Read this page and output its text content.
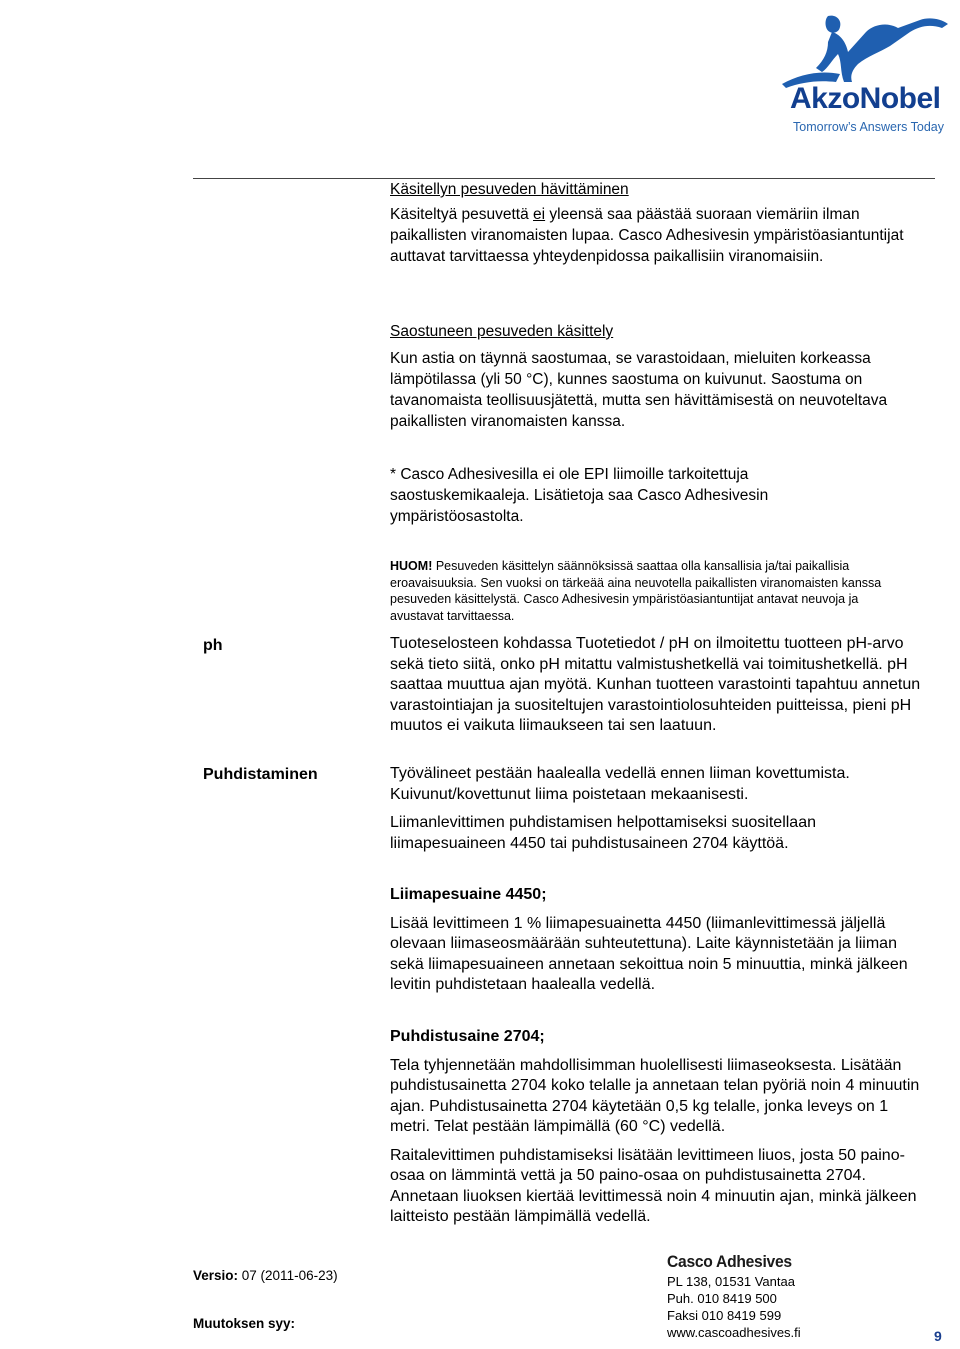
AkzoNobel
Tomorrow’s Answers Today

Käsitellyn pesuveden hävittäminen

Käsiteltyä pesuvettä ei yleensä saa päästää suoraan viemäriin ilman paikallisten viranomaisten lupaa. Casco Adhesivesin ympäristöasiantuntijat auttavat tarvittaessa yhteydenpidossa paikallisiin viranomaisiin.

Saostuneen pesuveden käsittely

Kun astia on täynnä saostumaa, se varastoidaan, mieluiten korkeassa lämpötilassa (yli 50 °C), kunnes saostuma on kuivunut. Saostuma on tavanomaista teollisuusjätettä, mutta sen hävittämisestä on neuvoteltava paikallisten viranomaisten kanssa.

* Casco Adhesivesilla ei ole EPI liimoille tarkoitettuja saostuskemikaaleja. Lisätietoja saa Casco Adhesivesin ympäristöosastolta.
HUOM! Pesuveden käsittelyn säännöksissä saattaa olla kansallisia ja/tai paikallisia eroavaisuuksia. Sen vuoksi on tärkeää aina neuvotella paikallisten viranomaisten kanssa pesuveden käsittelystä. Casco Adhesivesin ympäristöasiantuntijat antavat neuvoja ja avustavat tarvittaessa.
ph	Tuoteselosteen kohdassa Tuotetiedot / pH on ilmoitettu tuotteen pH-arvo sekä tieto siitä, onko pH mitattu valmistushetkellä vai toimitushetkellä. pH saattaa muuttua ajan myötä. Kunhan tuotteen varastointi tapahtuu annetun varastointiajan ja suositeltujen varastointiolosuhteiden puitteissa, pieni pH muutos ei vaikuta liimaukseen tai sen laatuun.
Puhdistaminen	Työvälineet pestään haalealla vedellä ennen liiman kovettumista. Kuivunut/kovettunut liima poistetaan mekaanisesti.

Liimanlevittimen puhdistamisen helpottamiseksi suositellaan liimapesuaineen 4450 tai puhdistusaineen 2704 käyttöä.

Liimapesuaine 4450;

Lisää levittimeen 1 % liimapesuainetta 4450 (liimanlevittimessä jäljellä olevaan liimaseosmäärään suhteutettuna). Laite käynnistetään ja liiman sekä liimapesuaineen annetaan sekoittua noin 5 minuuttia, minkä jälkeen levitin puhdistetaan haalealla vedellä.

Puhdistusaine 2704;

Tela tyhjennetään mahdollisimman huolellisesti liimaseoksesta. Lisätään puhdistusainetta 2704 koko telalle ja annetaan telan pyöriä noin 4 minuutin ajan. Puhdistusainetta 2704 käytetään 0,5 kg telalle, jonka leveys on 1 metri. Telat pestään lämpimällä (60 °C) vedellä.

Raitalevittimen puhdistamiseksi lisätään levittimeen liuos, josta 50 paino-osaa on lämmintä vettä ja 50 paino-osaa on puhdistusainetta 2704. Annetaan liuoksen kiertää levittimessä noin 4 minuutin ajan, minkä jälkeen laitteisto pestään lämpimällä vedellä.

Versio: 07 (2011-06-23)
Muutoksen syy:
Casco Adhesives
PL 138, 01531 Vantaa
Puh. 010 8419 500
Faksi 010 8419 599
www.cascoadhesives.fi	9
